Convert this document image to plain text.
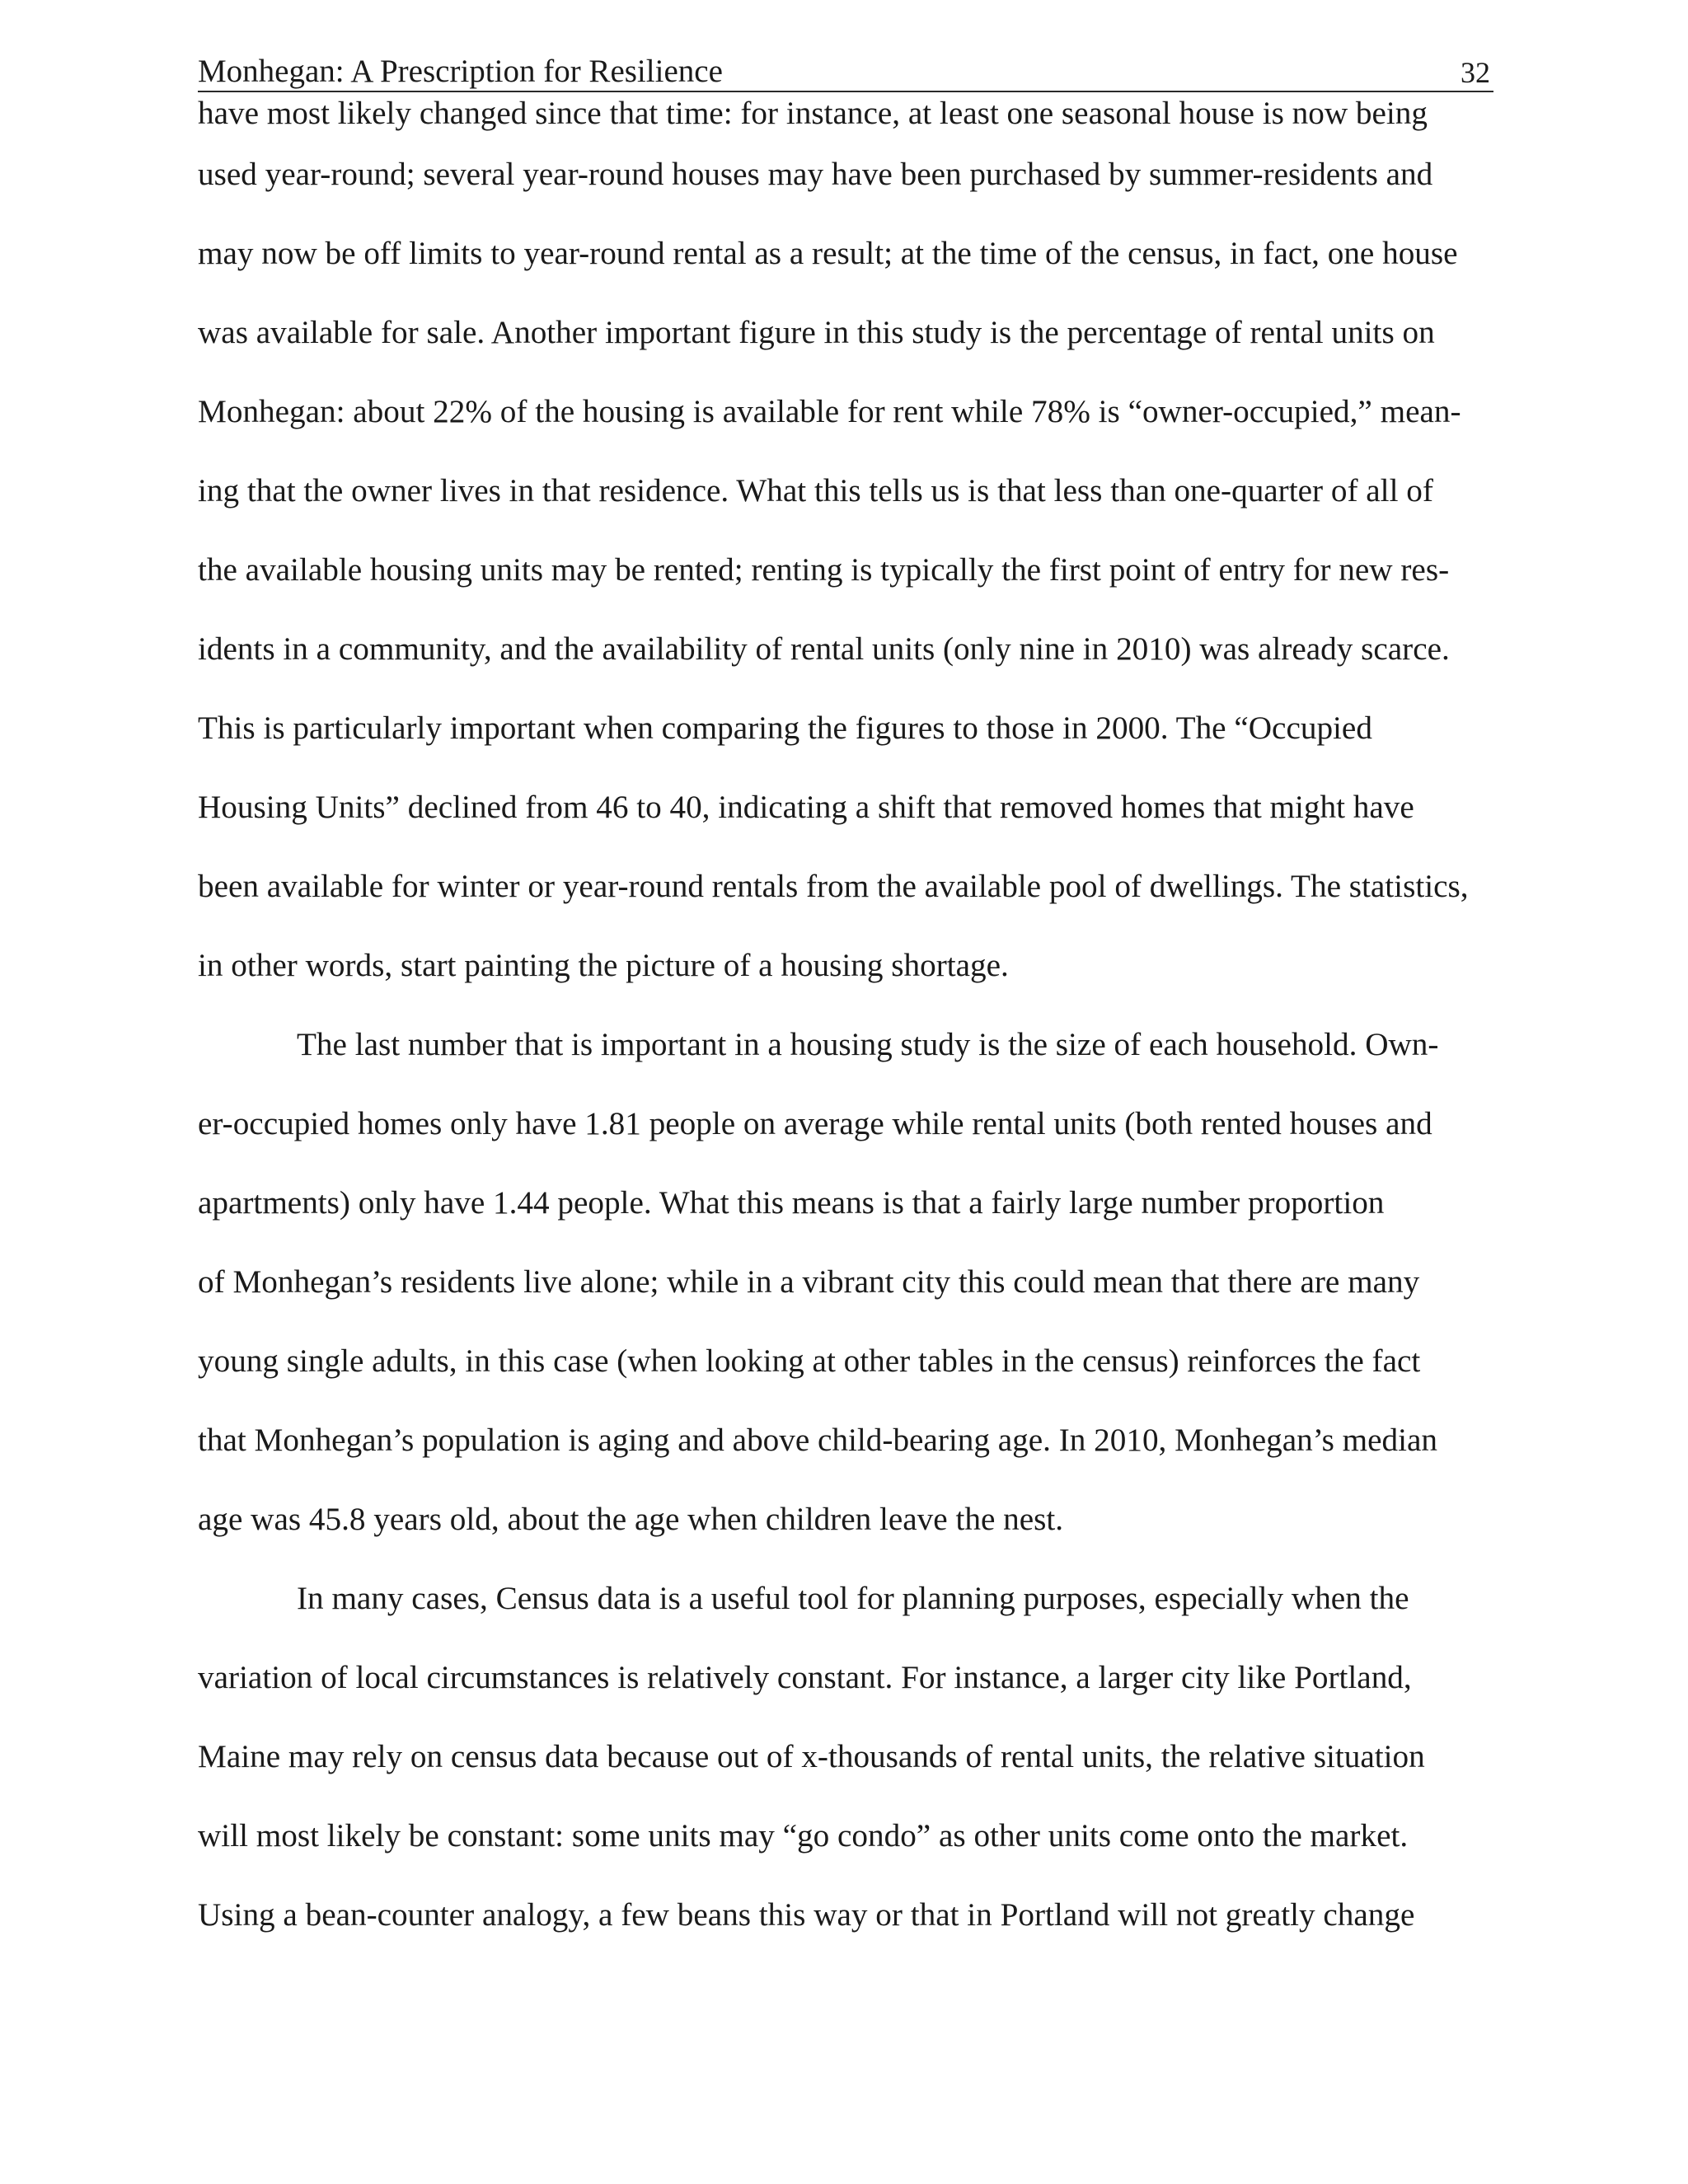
Monhegan: A Prescription for Resilience	32
have most likely changed since that time: for instance, at least one seasonal house is now being
used year-round; several year-round houses may have been purchased by summer-residents and
may now be off limits to year-round rental as a result; at the time of the census, in fact, one house
was available for sale. Another important figure in this study is the percentage of rental units on
Monhegan: about 22% of the housing is available for rent while 78% is “owner-occupied,” mean-
ing that the owner lives in that residence. What this tells us is that less than one-quarter of all of
the available housing units may be rented; renting is typically the first point of entry for new res-
idents in a community, and the availability of rental units (only nine in 2010) was already scarce.
This is particularly important when comparing the figures to those in 2000. The “Occupied
Housing Units” declined from 46 to 40, indicating a shift that removed homes that might have
been available for winter or year-round rentals from the available pool of dwellings. The statistics,
in other words, start painting the picture of a housing shortage.
The last number that is important in a housing study is the size of each household. Own-
er-occupied homes only have 1.81 people on average while rental units (both rented houses and
apartments) only have 1.44 people. What this means is that a fairly large number proportion
of Monhegan’s residents live alone; while in a vibrant city this could mean that there are many
young single adults, in this case (when looking at other tables in the census) reinforces the fact
that Monhegan’s population is aging and above child-bearing age. In 2010, Monhegan’s median
age was 45.8 years old, about the age when children leave the nest.
In many cases, Census data is a useful tool for planning purposes, especially when the
variation of local circumstances is relatively constant. For instance, a larger city like Portland,
Maine may rely on census data because out of x-thousands of rental units, the relative situation
will most likely be constant: some units may “go condo” as other units come onto the market.
Using a bean-counter analogy, a few beans this way or that in Portland will not greatly change
